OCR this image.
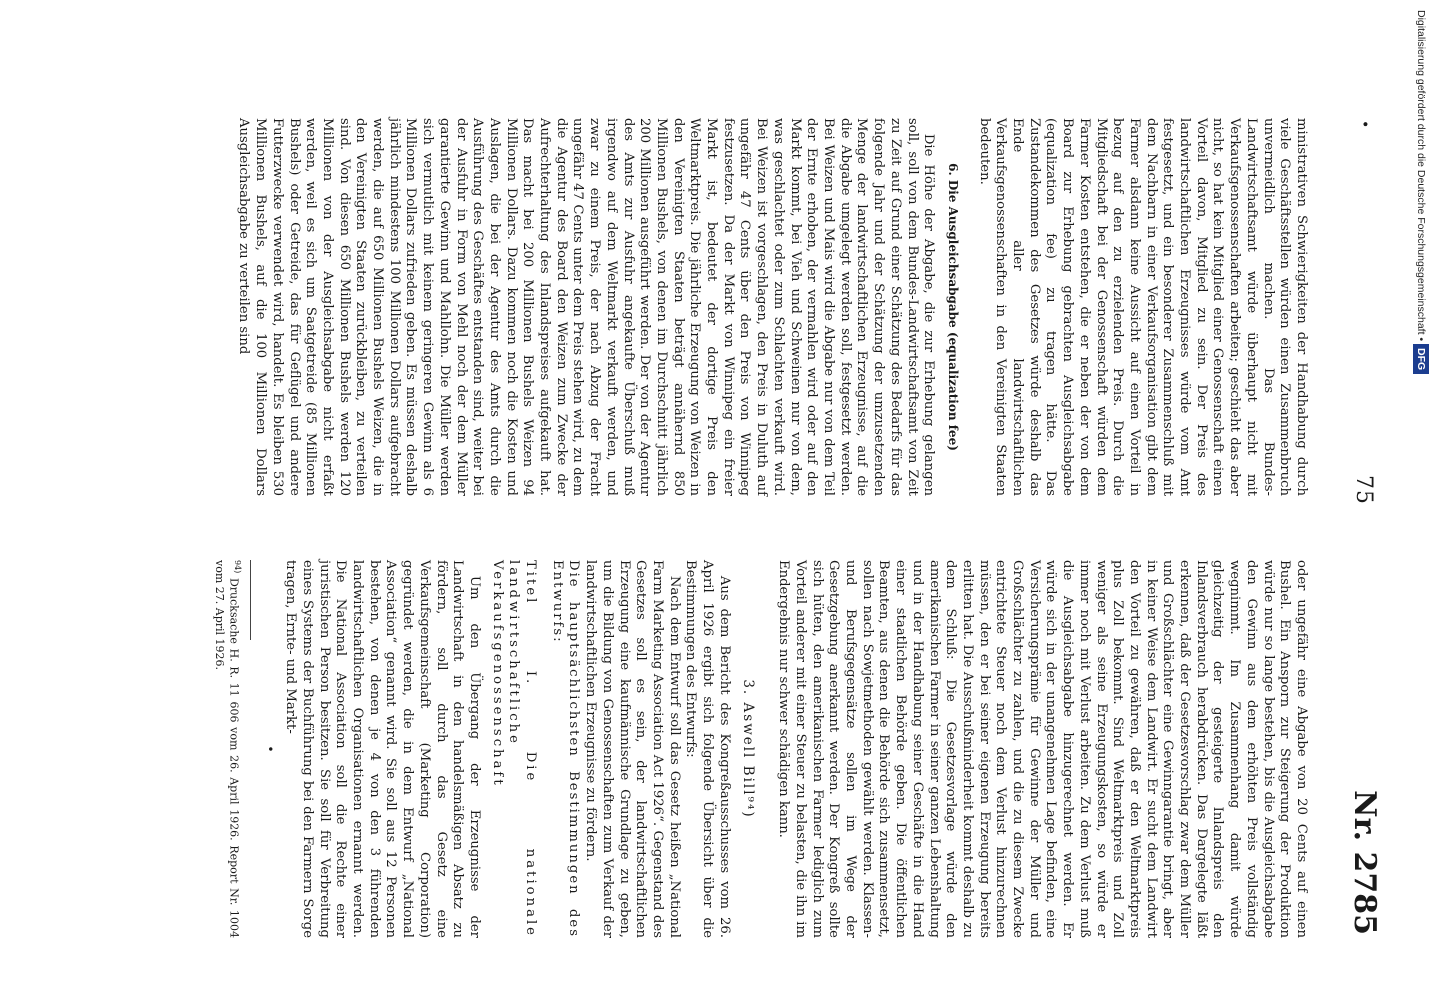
•
75
Nr. 2785

ministrativen Schwierigkeiten der Handhabung durch viele Geschäftsstellen würden einen Zusammenbruch unvermeidlich machen. Das Bundes-Landwirtschaftsamt würde überhaupt nicht mit Verkaufsgenossenschaften arbeiten; geschieht das aber nicht, so hat kein Mitglied einer Genossenschaft einen Vorteil davon, Mitglied zu sein. Der Preis des landwirtschaftlichen Erzeugnisses würde vom Amt festgesetzt, und ein besonderer Zusammenschluß mit dem Nachbarn in einer Verkaufsorganisation gibt dem Farmer alsdann keine Aussicht auf einen Vorteil in bezug auf den zu erzielenden Preis. Durch die Mitgliedschaft bei der Genossenschaft würden dem Farmer Kosten entstehen, die er neben der von dem Board zur Erhebung gebrachten Ausgleichsabgabe (equalization fee) zu tragen hätte. Das Zustandekommen des Gesetzes würde deshalb das Ende aller landwirtschaftlichen Verkaufsgenossenschaften in den Vereinigten Staaten bedeuten.

6. Die Ausgleichsabgabe (equalization fee)

Die Höhe der Abgabe, die zur Erhebung gelangen soll, soll von dem Bundes-Landwirtschaftsamt von Zeit zu Zeit auf Grund einer Schätzung des Bedarfs für das folgende Jahr und der Schätzung der umzusetzenden Menge der landwirtschaftlichen Erzeugnisse, auf die die Abgabe umgelegt werden soll, festgesetzt werden. Bei Weizen und Mais wird die Abgabe nur von dem Teil der Ernte erhoben, der vermahlen wird oder auf den Markt kommt, bei Vieh und Schweinen nur von dem, was geschlachtet oder zum Schlachten verkauft wird. Bei Weizen ist vorgeschlagen, den Preis in Duluth auf ungefähr 47 Cents über den Preis von Winnipeg festzusetzen. Da der Markt von Winnipeg ein freier Markt ist, bedeutet der dortige Preis den Weltmarktpreis. Die jährliche Erzeugung von Weizen in den Vereinigten Staaten beträgt annähernd 850 Millionen Bushels, von denen im Durchschnitt jährlich 200 Millionen ausgeführt werden. Der von der Agentur des Amts zur Ausfuhr angekaufte Überschuß muß irgendwo auf dem Weltmarkt verkauft werden, und zwar zu einem Preis, der nach Abzug der Fracht ungefähr 47 Cents unter dem Preis stehen wird, zu dem die Agentur des Board den Weizen zum Zwecke der Aufrechterhaltung des Inlandspreises aufgekauft hat. Das macht bei 200 Millionen Bushels Weizen 94 Millionen Dollars. Dazu kommen noch die Kosten und Auslagen, die bei der Agentur des Amts durch die Ausführung des Geschäftes entstanden sind, weiter bei der Ausfuhr in Form von Mehl noch der dem Müller garantierte Gewinn und Mahllohn. Die Müller werden sich vermutlich mit keinem geringeren Gewinn als 6 Millionen Dollars zufrieden geben. Es müssen deshalb jährlich mindestens 100 Millionen Dollars aufgebracht werden, die auf 650 Millionen Bushels Weizen, die in den Vereinigten Staaten zurückbleiben, zu verteilen sind. Von diesen 650 Millionen Bushels werden 120 Millionen von der Ausgleichsabgabe nicht erfaßt werden, weil es sich um Saatgetreide (85 Millionen Bushels) oder Getreide, das für Geflügel und andere Futterzwecke verwendet wird, handelt. Es bleiben 530 Millionen Bushels, auf die 100 Millionen Dollars Ausgleichsabgabe zu verteilen sind

oder ungefähr eine Abgabe von 20 Cents auf einen Bushel. Ein Ansporn zur Steigerung der Produktion würde nur so lange bestehen, bis die Ausgleichsabgabe den Gewinn aus dem erhöhten Preis vollständig wegnimmt. Im Zusammenhang damit würde gleichzeitig der gesteigerte Inlandspreis den Inlandsverbrauch herabdrücken. Das Dargelegte läßt erkennen, daß der Gesetzesvorschlag zwar dem Müller und Großschlächter eine Gewinngarantie bringt, aber in keiner Weise dem Landwirt. Er sucht dem Landwirt den Vorteil zu gewähren, daß er den Weltmarktpreis plus Zoll bekommt. Sind Weltmarktpreis und Zoll weniger als seine Erzeugungskosten, so würde er immer noch mit Verlust arbeiten. Zu dem Verlust muß die Ausgleichsabgabe hinzugerechnet werden. Er würde sich in der unangenehmen Lage befinden, eine Versicherungsprämie für Gewinne der Müller und Großschlächter zu zahlen, und die zu diesem Zwecke entrichtete Steuer noch dem Verlust hinzurechnen müssen, den er bei seiner eigenen Erzeugung bereits erlitten hat. Die Ausschußminderheit kommt deshalb zu dem Schluß: Die Gesetzesvorlage würde den amerikanischen Farmer in seiner ganzen Lebenshaltung und in der Handhabung seiner Geschäfte in die Hand einer staatlichen Behörde geben. Die öffentlichen Beamten, aus denen die Behörde sich zusammensetzt, sollen nach Sowjetmethoden gewählt werden. Klassen- und Berufsgegensätze sollen im Wege der Gesetzgebung anerkannt werden. Der Kongreß sollte sich hüten, den amerikanischen Farmer lediglich zum Vorteil anderer mit einer Steuer zu belasten, die ihn im Endergebnis nur schwer schädigen kann.

3. Aswell Bill⁹⁴)

Aus dem Bericht des Kongreßausschusses vom 26. April 1926 ergibt sich folgende Übersicht über die Bestimmungen des Entwurfs:

Nach dem Entwurf soll das Gesetz heißen „National Farm Marketing Association Act 1926“. Gegenstand des Gesetzes soll es sein, der landwirtschaftlichen Erzeugung eine kaufmännische Grundlage zu geben, um die Bildung von Genossenschaften zum Verkauf der landwirtschaftlichen Erzeugnisse zu fördern.

Die hauptsächlichsten Bestimmungen des Entwurfs:

Titel I. Die nationale landwirtschaftliche Verkaufsgenossenschaft

Um den Übergang der Erzeugnisse der Landwirtschaft in den handelsmäßigen Absatz zu fördern, soll durch das Gesetz eine Verkaufsgemeinschaft (Marketing Corporation) gegründet werden, die in dem Entwurf „National Association“ genannt wird. Sie soll aus 12 Personen bestehen, von denen je 4 von den 3 führenden landwirtschaftlichen Organisationen ernannt werden. Die National Association soll die Rechte einer juristischen Person besitzen. Sie soll für Verbreitung eines Systems der Buchführung bei den Farmern Sorge tragen, Ernte- und Markt-

•

$^{94)}$ Drucksache H. R. 11 606 vom 26. April 1926. Report Nr. 1004 vom 27. April 1926.

Digitalisierung gefördert durch die Deutsche Forschungsgemeinschaft • DFG
